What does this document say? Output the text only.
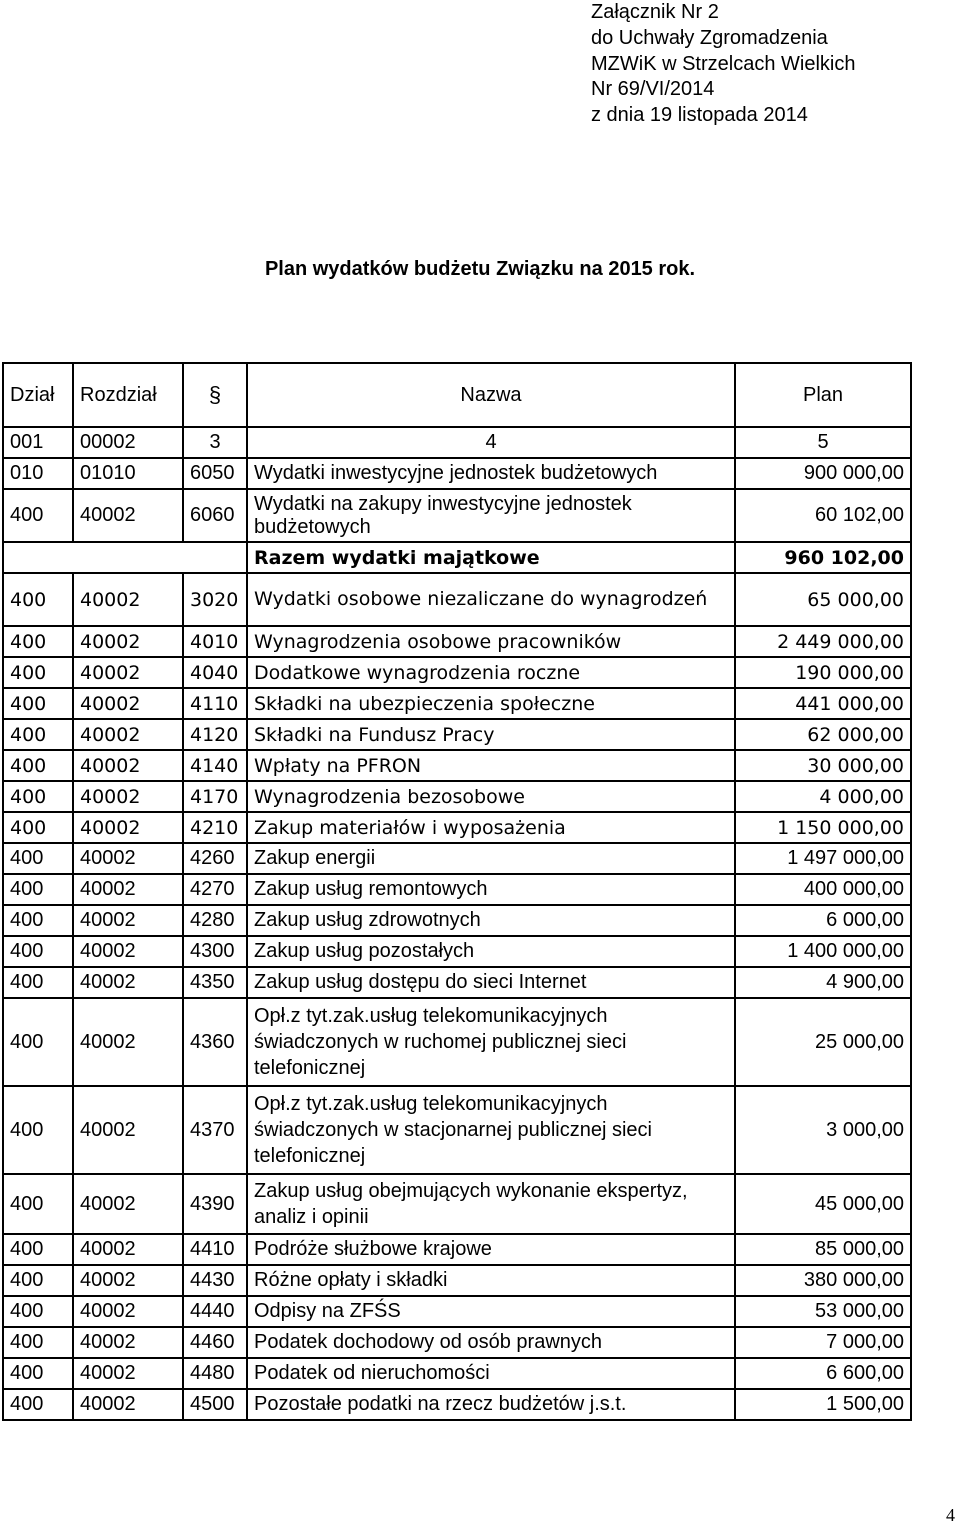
Załącznik Nr 2
do Uchwały Zgromadzenia
MZWiK w Strzelcach Wielkich
Nr 69/VI/2014
z dnia 19 listopada 2014
Plan wydatków budżetu Związku na 2015 rok.
Dział	Rozdział	§	Nazwa	Plan
001	00002	3	4	5
010	01010	6050	Wydatki inwestycyjne jednostek budżetowych	900 000,00
400	40002	6060	Wydatki na zakupy inwestycyjne jednostek budżetowych	60 102,00
			Razem wydatki majątkowe	960 102,00
400	40002	3020	Wydatki osobowe niezaliczane do wynagrodzeń	65 000,00
400	40002	4010	Wynagrodzenia osobowe pracowników	2 449 000,00
400	40002	4040	Dodatkowe wynagrodzenia roczne	190 000,00
400	40002	4110	Składki na ubezpieczenia społeczne	441 000,00
400	40002	4120	Składki na Fundusz Pracy	62 000,00
400	40002	4140	Wpłaty na PFRON	30 000,00
400	40002	4170	Wynagrodzenia bezosobowe	4 000,00
400	40002	4210	Zakup materiałów i wyposażenia	1 150 000,00
400	40002	4260	Zakup energii	1 497 000,00
400	40002	4270	Zakup usług remontowych	400 000,00
400	40002	4280	Zakup usług zdrowotnych	6 000,00
400	40002	4300	Zakup usług pozostałych	1 400 000,00
400	40002	4350	Zakup usług dostępu do sieci Internet	4 900,00
400	40002	4360	Opł.z tyt.zak.usług telekomunikacyjnych świadczonych w ruchomej publicznej sieci telefonicznej	25 000,00
400	40002	4370	Opł.z tyt.zak.usług telekomunikacyjnych świadczonych w stacjonarnej publicznej sieci telefonicznej	3 000,00
400	40002	4390	Zakup usług obejmujących wykonanie ekspertyz, analiz i opinii	45 000,00
400	40002	4410	Podróże służbowe krajowe	85 000,00
400	40002	4430	Różne opłaty i składki	380 000,00
400	40002	4440	Odpisy na ZFŚS	53 000,00
400	40002	4460	Podatek dochodowy od osób prawnych	7 000,00
400	40002	4480	Podatek od nieruchomości	6 600,00
400	40002	4500	Pozostałe podatki na rzecz budżetów j.s.t.	1 500,00
4
